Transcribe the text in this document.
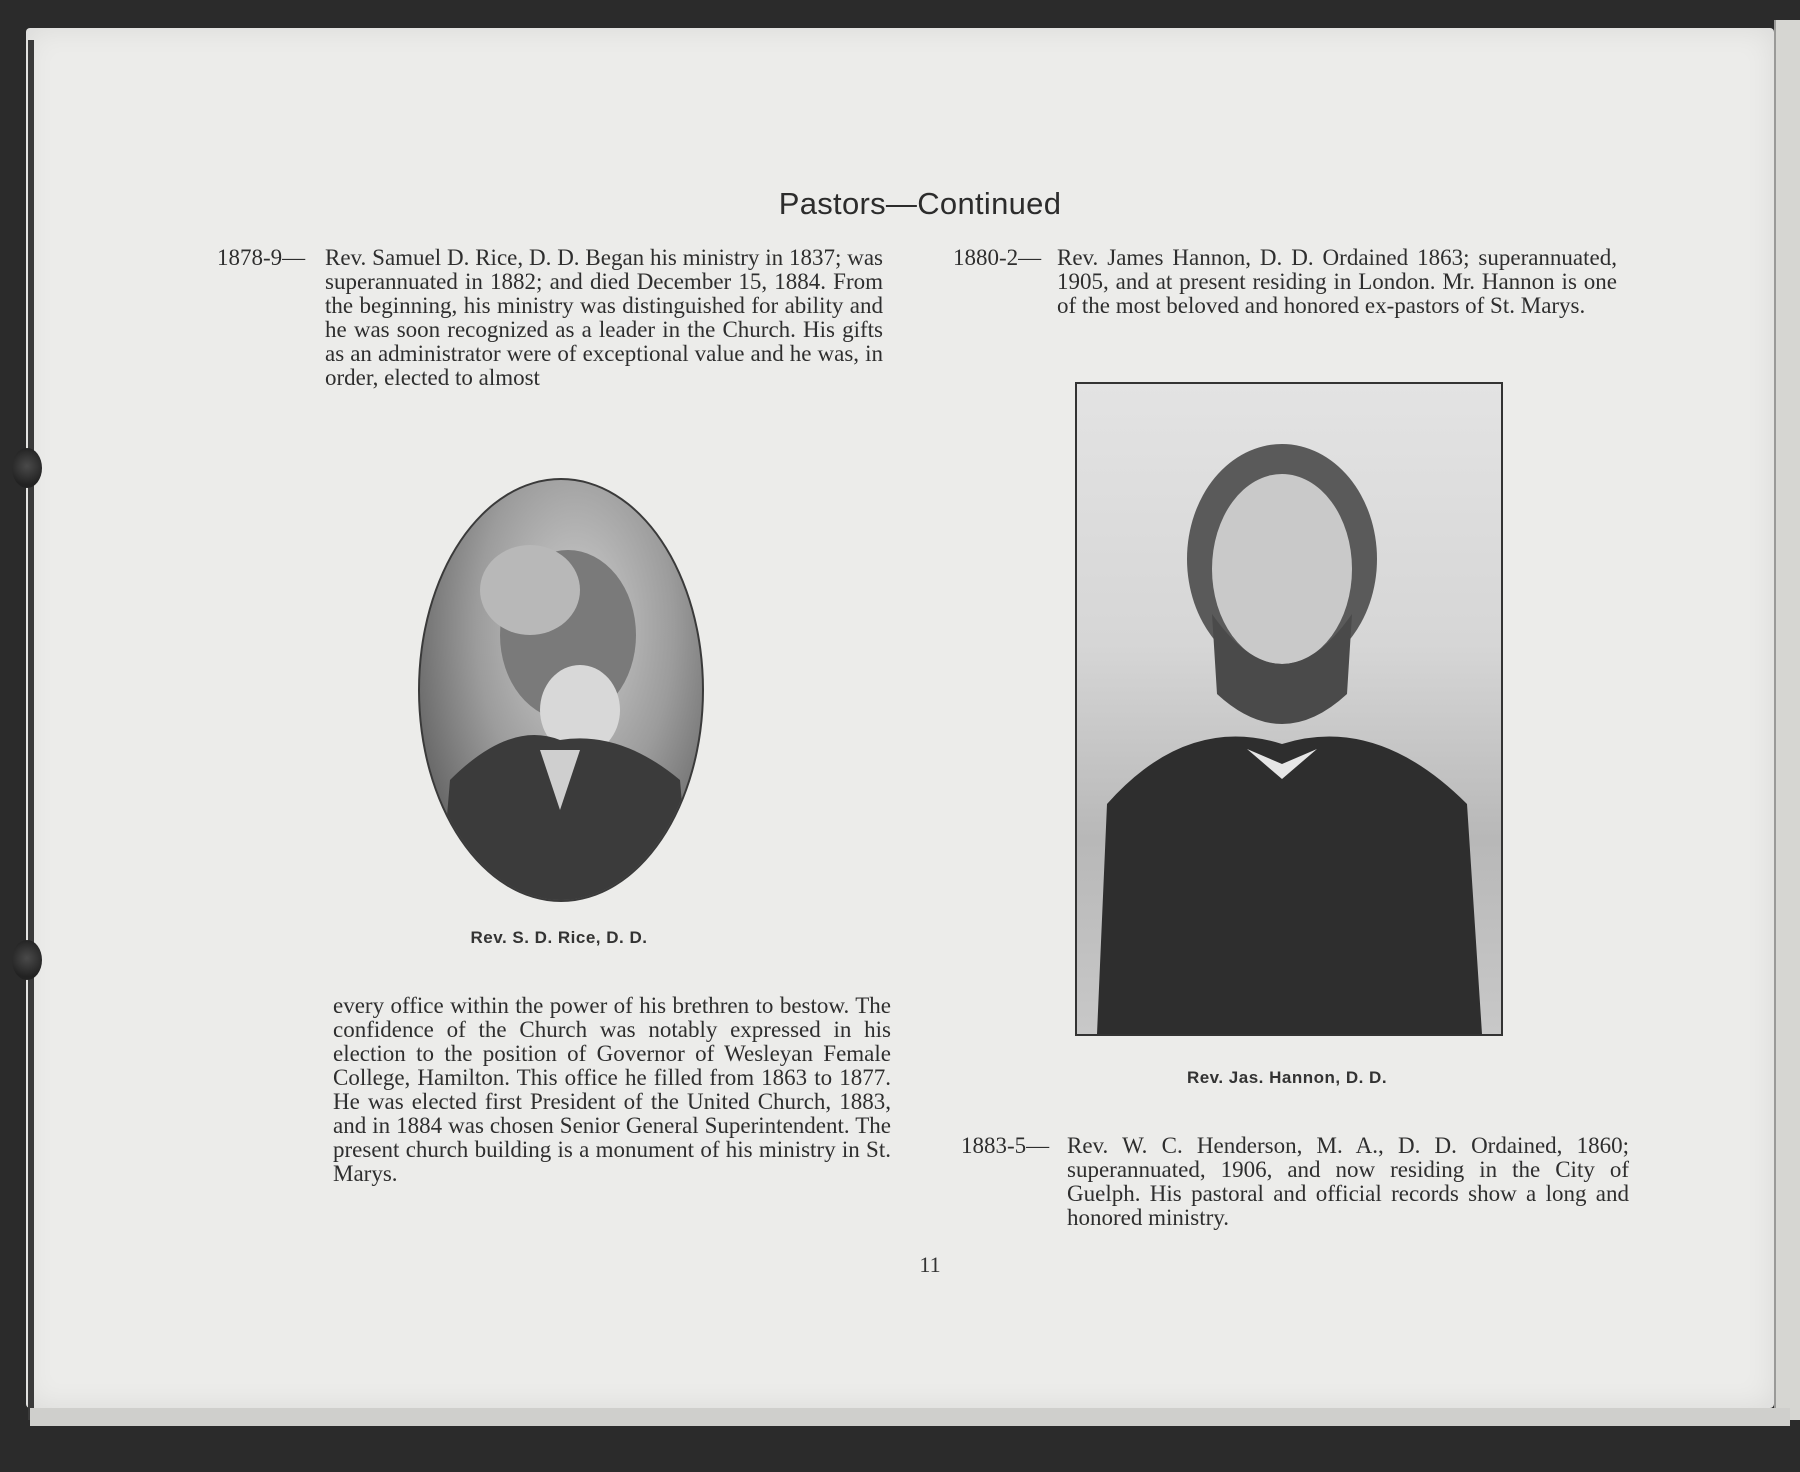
Pastors—Continued
1878-9— Rev. Samuel D. Rice, D. D. Began his ministry in 1837; was superannuated in 1882; and died December 15, 1884. From the beginning, his ministry was distinguished for ability and he was soon recognized as a leader in the Church. His gifts as an administrator were of exceptional value and he was, in order, elected to almost
Rev. S. D. Rice, D. D.
every office within the power of his brethren to bestow. The confidence of the Church was notably expressed in his election to the position of Governor of Wesleyan Female College, Hamilton. This office he filled from 1863 to 1877. He was elected first President of the United Church, 1883, and in 1884 was chosen Senior General Superintendent. The present church building is a monument of his ministry in St. Marys.
1880-2— Rev. James Hannon, D. D. Ordained 1863; superannuated, 1905, and at present residing in London. Mr. Hannon is one of the most beloved and honored ex-pastors of St. Marys.
Rev. Jas. Hannon, D. D.
1883-5— Rev. W. C. Henderson, M. A., D. D. Ordained, 1860; superannuated, 1906, and now residing in the City of Guelph. His pastoral and official records show a long and honored ministry.
11
